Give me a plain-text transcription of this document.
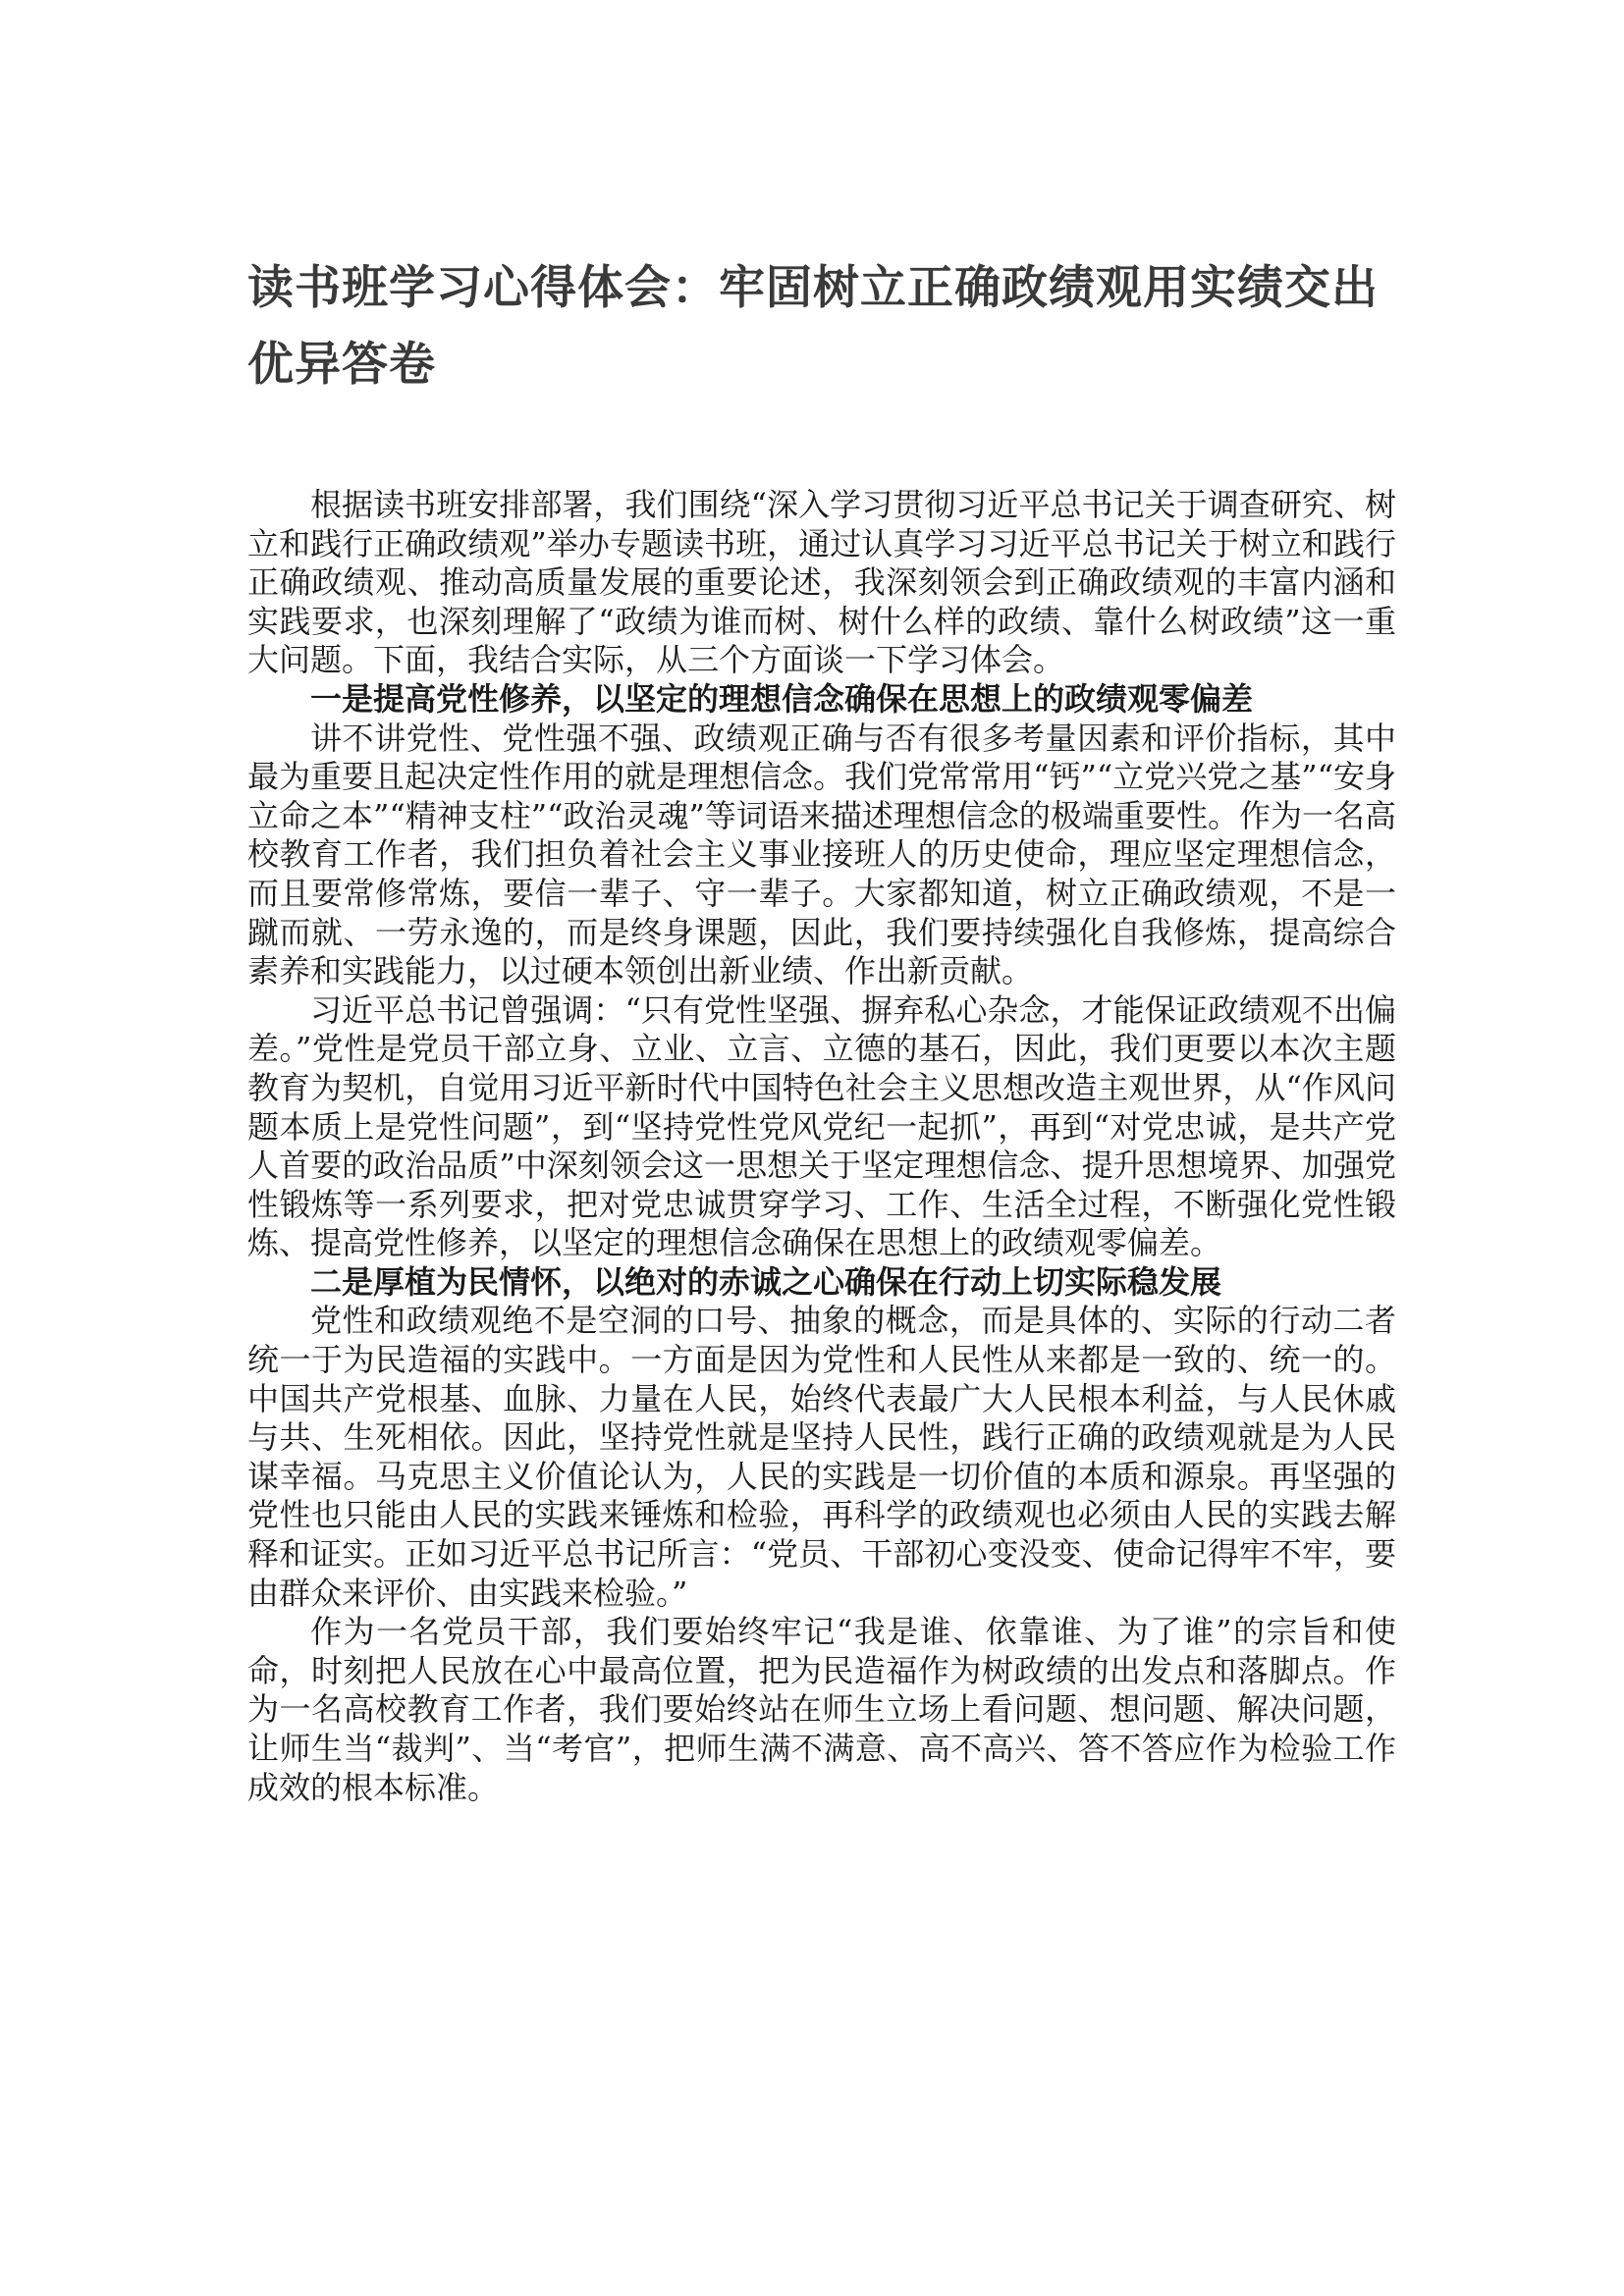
读书班学习心得体会：牢固树立正确政绩观用实绩交出优异答卷

根据读书班安排部署，我们围绕“深入学习贯彻习近平总书记关于调查研究、树立和践行正确政绩观”举办专题读书班，通过认真学习习近平总书记关于树立和践行正确政绩观、推动高质量发展的重要论述，我深刻领会到正确政绩观的丰富内涵和实践要求，也深刻理解了“政绩为谁而树、树什么样的政绩、靠什么树政绩”这一重大问题。下面，我结合实际，从三个方面谈一下学习体会。

一是提高党性修养，以坚定的理想信念确保在思想上的政绩观零偏差

讲不讲党性、党性强不强、政绩观正确与否有很多考量因素和评价指标，其中最为重要且起决定性作用的就是理想信念。我们党常常用“钙”“立党兴党之基”“安身立命之本”“精神支柱”“政治灵魂”等词语来描述理想信念的极端重要性。作为一名高校教育工作者，我们担负着社会主义事业接班人的历史使命，理应坚定理想信念，而且要常修常炼，要信一辈子、守一辈子。大家都知道，树立正确政绩观，不是一蹴而就、一劳永逸的，而是终身课题，因此，我们要持续强化自我修炼，提高综合素养和实践能力，以过硬本领创出新业绩、作出新贡献。

习近平总书记曾强调：“只有党性坚强、摒弃私心杂念，才能保证政绩观不出偏差。”党性是党员干部立身、立业、立言、立德的基石，因此，我们更要以本次主题教育为契机，自觉用习近平新时代中国特色社会主义思想改造主观世界，从“作风问题本质上是党性问题”，到“坚持党性党风党纪一起抓”，再到“对党忠诚，是共产党人首要的政治品质”中深刻领会这一思想关于坚定理想信念、提升思想境界、加强党性锻炼等一系列要求，把对党忠诚贯穿学习、工作、生活全过程，不断强化党性锻炼、提高党性修养，以坚定的理想信念确保在思想上的政绩观零偏差。

二是厚植为民情怀，以绝对的赤诚之心确保在行动上切实际稳发展

党性和政绩观绝不是空洞的口号、抽象的概念，而是具体的、实际的行动二者统一于为民造福的实践中。一方面是因为党性和人民性从来都是一致的、统一的。中国共产党根基、血脉、力量在人民，始终代表最广大人民根本利益，与人民休戚与共、生死相依。因此，坚持党性就是坚持人民性，践行正确的政绩观就是为人民谋幸福。马克思主义价值论认为，人民的实践是一切价值的本质和源泉。再坚强的党性也只能由人民的实践来锤炼和检验，再科学的政绩观也必须由人民的实践去解释和证实。正如习近平总书记所言：“党员、干部初心变没变、使命记得牢不牢，要由群众来评价、由实践来检验。”

作为一名党员干部，我们要始终牢记“我是谁、依靠谁、为了谁”的宗旨和使命，时刻把人民放在心中最高位置，把为民造福作为树政绩的出发点和落脚点。作为一名高校教育工作者，我们要始终站在师生立场上看问题、想问题、解决问题，让师生当“裁判”、当“考官”，把师生满不满意、高不高兴、答不答应作为检验工作成效的根本标准。
